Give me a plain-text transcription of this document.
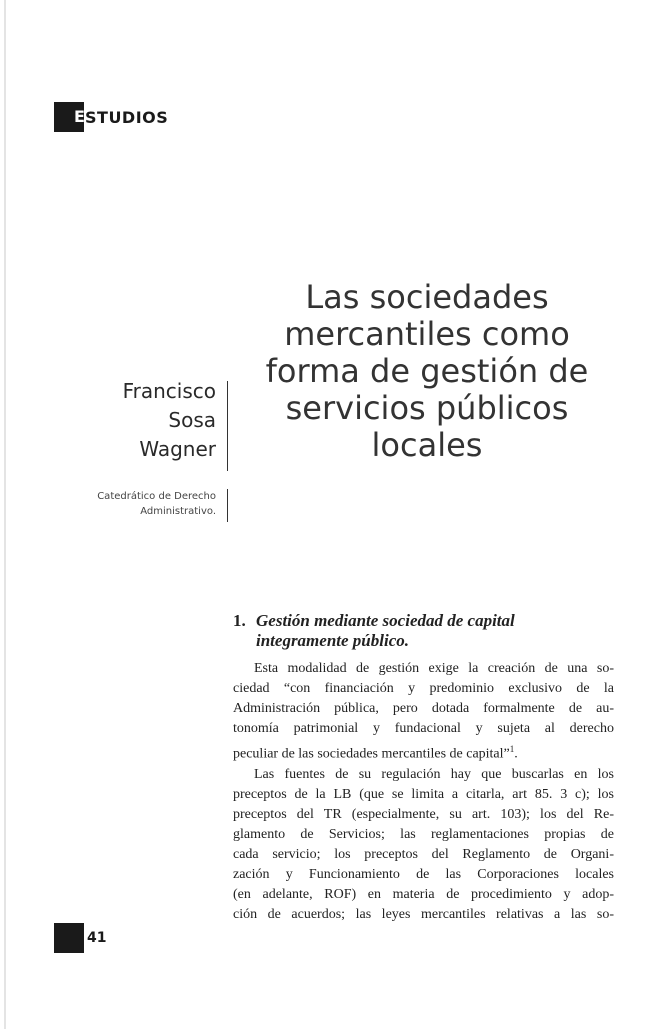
E STUDIOS
Las sociedades
mercantiles como
forma de gestión de
servicios públicos
locales
Francisco
Sosa
Wagner
Catedrático de Derecho
Administrativo.
1. Gestión mediante sociedad de capital
integramente público.

Esta modalidad de gestión exige la creación de una so-
ciedad “con financiación y predominio exclusivo de la
Administración pública, pero dotada formalmente de au-
tonomía patrimonial y fundacional y sujeta al derecho
peculiar de las sociedades mercantiles de capital”$^1$.

Las fuentes de su regulación hay que buscarlas en los
preceptos de la LB (que se limita a citarla, art 85. 3 c); los
preceptos del TR (especialmente, su art. 103); los del Re-
glamento de Servicios; las reglamentaciones propias de
cada servicio; los preceptos del Reglamento de Organi-
zación y Funcionamiento de las Corporaciones locales
(en adelante, ROF) en materia de procedimiento y adop-
ción de acuerdos; las leyes mercantiles relativas a las so-

41
